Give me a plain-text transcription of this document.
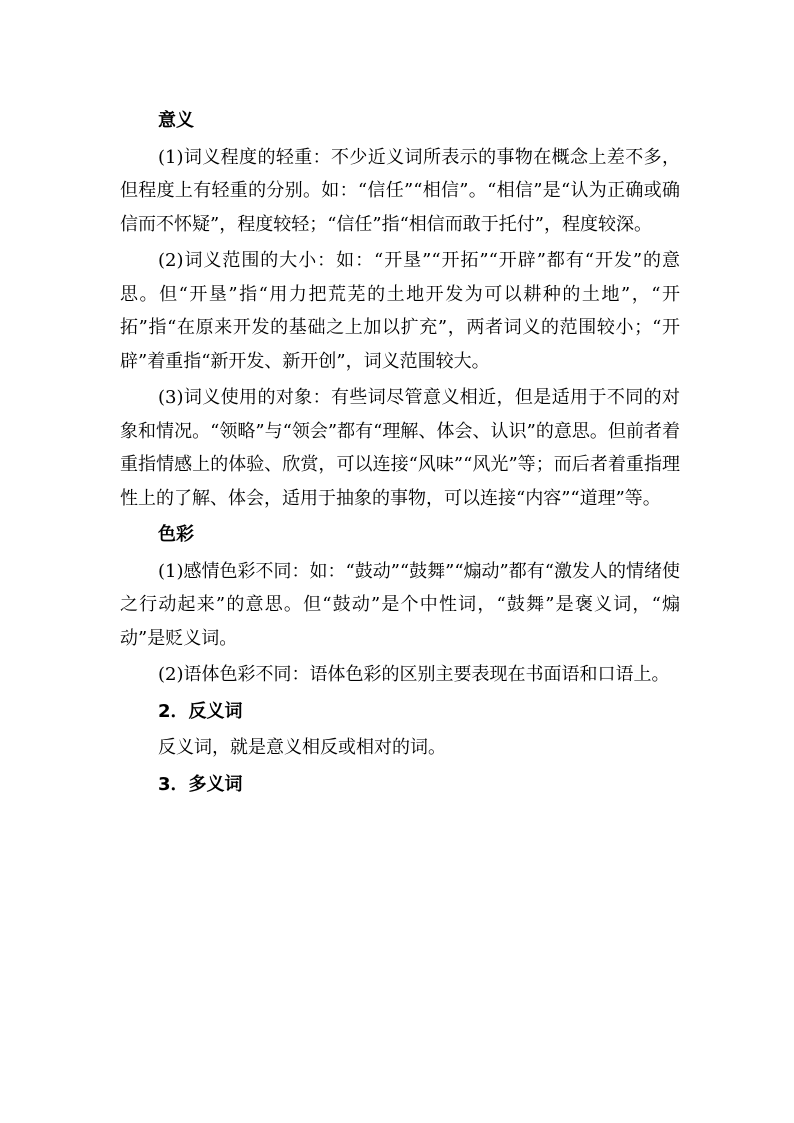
意义

(1)词义程度的轻重：不少近义词所表示的事物在概念上差不多，但程度上有轻重的分别。如：“信任”“相信”。“相信”是“认为正确或确信而不怀疑”，程度较轻；“信任”指“相信而敢于托付”，程度较深。

(2)词义范围的大小：如：“开垦”“开拓”“开辟”都有“开发”的意思。但“开垦”指“用力把荒芜的土地开发为可以耕种的土地”，“开拓”指“在原来开发的基础之上加以扩充”，两者词义的范围较小；“开辟”着重指“新开发、新开创”，词义范围较大。

(3)词义使用的对象：有些词尽管意义相近，但是适用于不同的对象和情况。“领略”与“领会”都有“理解、体会、认识”的意思。但前者着重指情感上的体验、欣赏，可以连接“风味”“风光”等；而后者着重指理性上的了解、体会，适用于抽象的事物，可以连接“内容”“道理”等。

色彩

(1)感情色彩不同：如：“鼓动”“鼓舞”“煽动”都有“激发人的情绪使之行动起来”的意思。但“鼓动”是个中性词，“鼓舞”是褒义词，“煽动”是贬义词。

(2)语体色彩不同：语体色彩的区别主要表现在书面语和口语上。

2．反义词

反义词，就是意义相反或相对的词。

3．多义词
